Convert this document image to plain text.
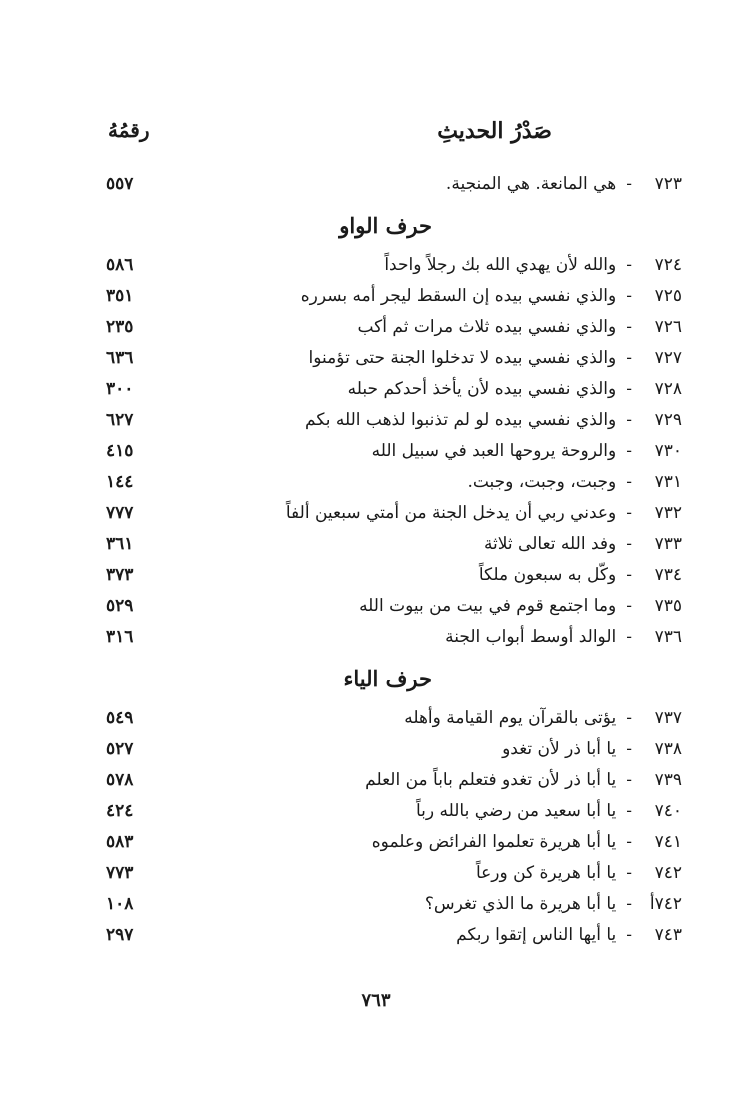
صَدْرُ الحديثِ
رقمُهُ
٧٢٣-هي المانعة. هي المنجية.
٥٥٧
حرف الواو
٧٢٤-والله لأن يهدي الله بك رجلاً واحداً
٥٨٦
٧٢٥-والذي نفسي بيده إن السقط ليجر أمه بسرره
٣٥١
٧٢٦-والذي نفسي بيده ثلاث مرات ثم أكب
٢٣٥
٧٢٧-والذي نفسي بيده لا تدخلوا الجنة حتى تؤمنوا
٦٣٦
٧٢٨-والذي نفسي بيده لأن يأخذ أحدكم حبله
٣٠٠
٧٢٩-والذي نفسي بيده لو لم تذنبوا لذهب الله بكم
٦٢٧
٧٣٠-والروحة يروحها العبد في سبيل الله
٤١٥
٧٣١-وجبت، وجبت، وجبت.
١٤٤
٧٣٢-وعدني ربي أن يدخل الجنة من أمتي سبعين ألفاً
٧٧٧
٧٣٣-وفد الله تعالى ثلاثة
٣٦١
٧٣٤-وكّل به سبعون ملكاً
٣٧٣
٧٣٥-وما اجتمع قوم في بيت من بيوت الله
٥٢٩
٧٣٦-الوالد أوسط أبواب الجنة
٣١٦
حرف الياء
٧٣٧-يؤتى بالقرآن يوم القيامة وأهله
٥٤٩
٧٣٨-يا أبا ذر لأن تغدو
٥٢٧
٧٣٩-يا أبا ذر لأن تغدو فتعلم باباً من العلم
٥٧٨
٧٤٠-يا أبا سعيد من رضي بالله رباً
٤٢٤
٧٤١-يا أبا هريرة تعلموا الفرائض وعلموه
٥٨٣
٧٤٢-يا أبا هريرة كن ورعاً
٧٧٣
٧٤٢أ-يا أبا هريرة ما الذي تغرس؟
١٠٨
٧٤٣-يا أيها الناس إتقوا ربكم
٢٩٧
٧٦٣
